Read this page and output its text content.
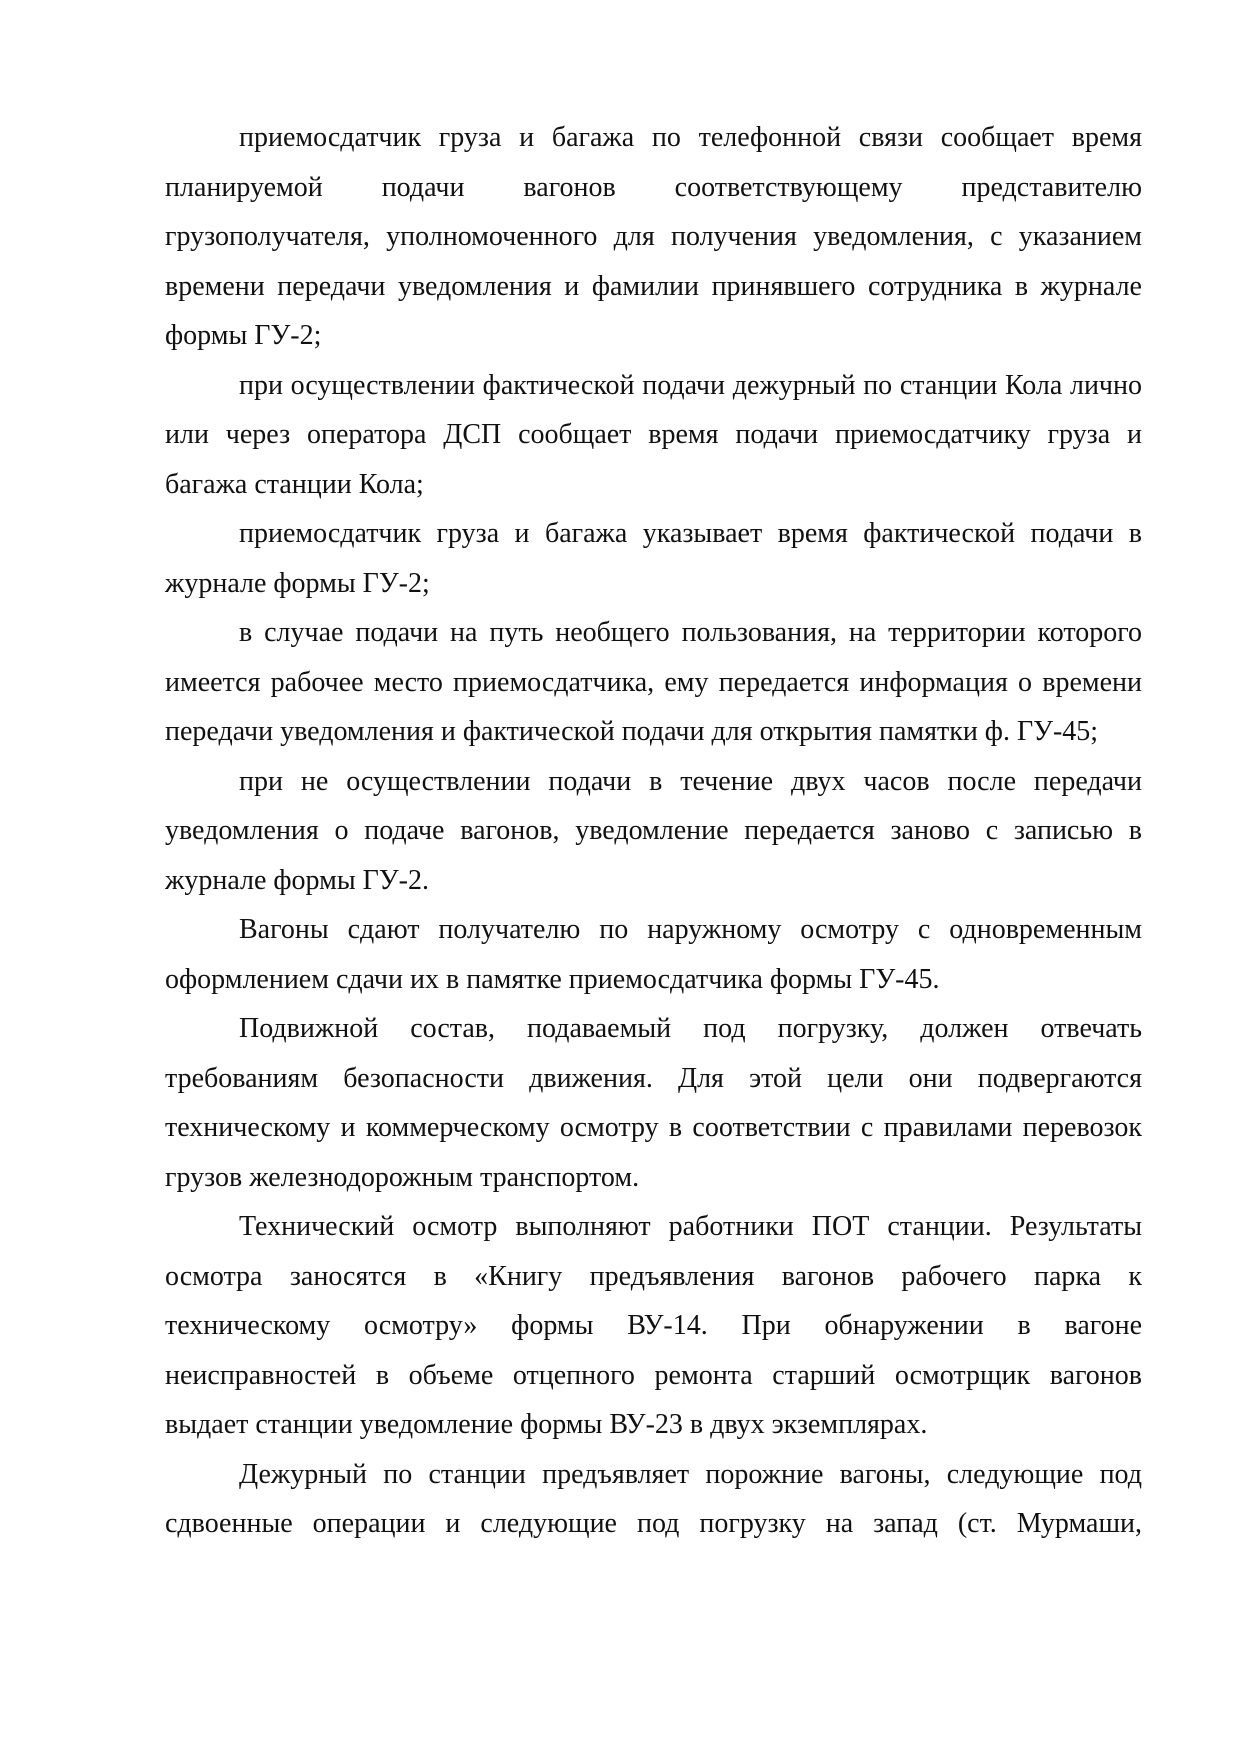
приемосдатчик груза и багажа по телефонной связи сообщает время планируемой подачи вагонов соответствующему представителю грузополучателя, уполномоченного для получения уведомления, с указанием времени передачи уведомления и фамилии принявшего сотрудника в журнале формы ГУ-2;

при осуществлении фактической подачи дежурный по станции Кола лично или через оператора ДСП сообщает время подачи приемосдатчику груза и багажа станции Кола;

приемосдатчик груза и багажа указывает время фактической подачи в журнале формы ГУ-2;

в случае подачи на путь необщего пользования, на территории которого имеется рабочее место приемосдатчика, ему передается информация о времени передачи уведомления и фактической подачи для открытия памятки ф. ГУ-45;

при не осуществлении подачи в течение двух часов после передачи уведомления о подаче вагонов, уведомление передается заново с записью в журнале формы ГУ-2.

Вагоны сдают получателю по наружному осмотру с одновременным оформлением сдачи их в памятке приемосдатчика формы ГУ-45.

Подвижной состав, подаваемый под погрузку, должен отвечать требованиям безопасности движения. Для этой цели они подвергаются техническому и коммерческому осмотру в соответствии с правилами перевозок грузов железнодорожным транспортом.

Технический осмотр выполняют работники ПОТ станции. Результаты осмотра заносятся в «Книгу предъявления вагонов рабочего парка к техническому осмотру» формы ВУ-14. При обнаружении в вагоне неисправностей в объеме отцепного ремонта старший осмотрщик вагонов выдает станции уведомление формы ВУ-23 в двух экземплярах.

Дежурный по станции предъявляет порожние вагоны, следующие под сдвоенные операции и следующие под погрузку на запад (ст. Мурмаши,
